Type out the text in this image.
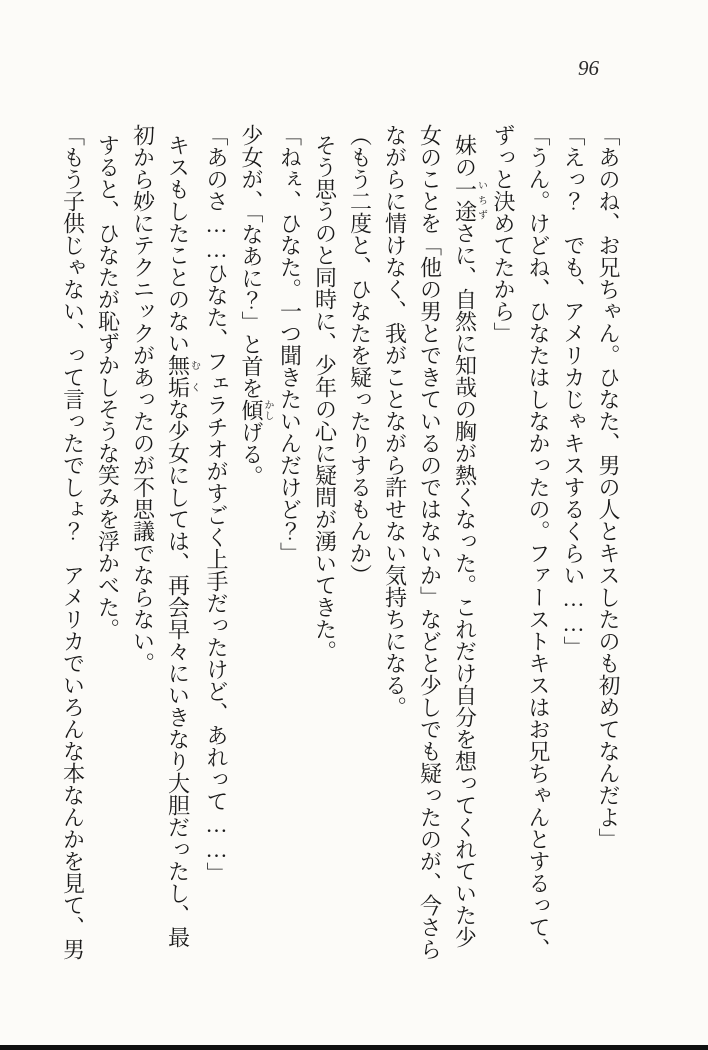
96

「あのね、お兄ちゃん。ひなた、男の人とキスしたのも初めてなんだよ」

「えっ？　でも、アメリカじゃキスするくらい……」

「うん。けどね、ひなたはしなかったの。ファーストキスはお兄ちゃんとするって、

ずっと決めてたから」

妹の一途いちずさに、自然に知哉の胸が熱くなった。これだけ自分を想ってくれていた少

女のことを「他の男とできているのではないか」などと少しでも疑ったのが、今さら

ながらに情けなく、我がことながら許せない気持ちになる。

（もう二度と、ひなたを疑ったりするもんか）

そう思うのと同時に、少年の心に疑問が湧いてきた。

「ねぇ、ひなた。一つ聞きたいんだけど？」

少女が、「なあに？」と首を傾かしげる。

「あのさ……ひなた、フェラチオがすごく上手だったけど、あれって……」

キスもしたことのない無垢むくな少女にしては、再会早々にいきなり大胆だったし、最

初から妙にテクニックがあったのが不思議でならない。

すると、ひなたが恥ずかしそうな笑みを浮かべた。

「もう子供じゃない、って言ったでしょ？　アメリカでいろんな本なんかを見て、男
